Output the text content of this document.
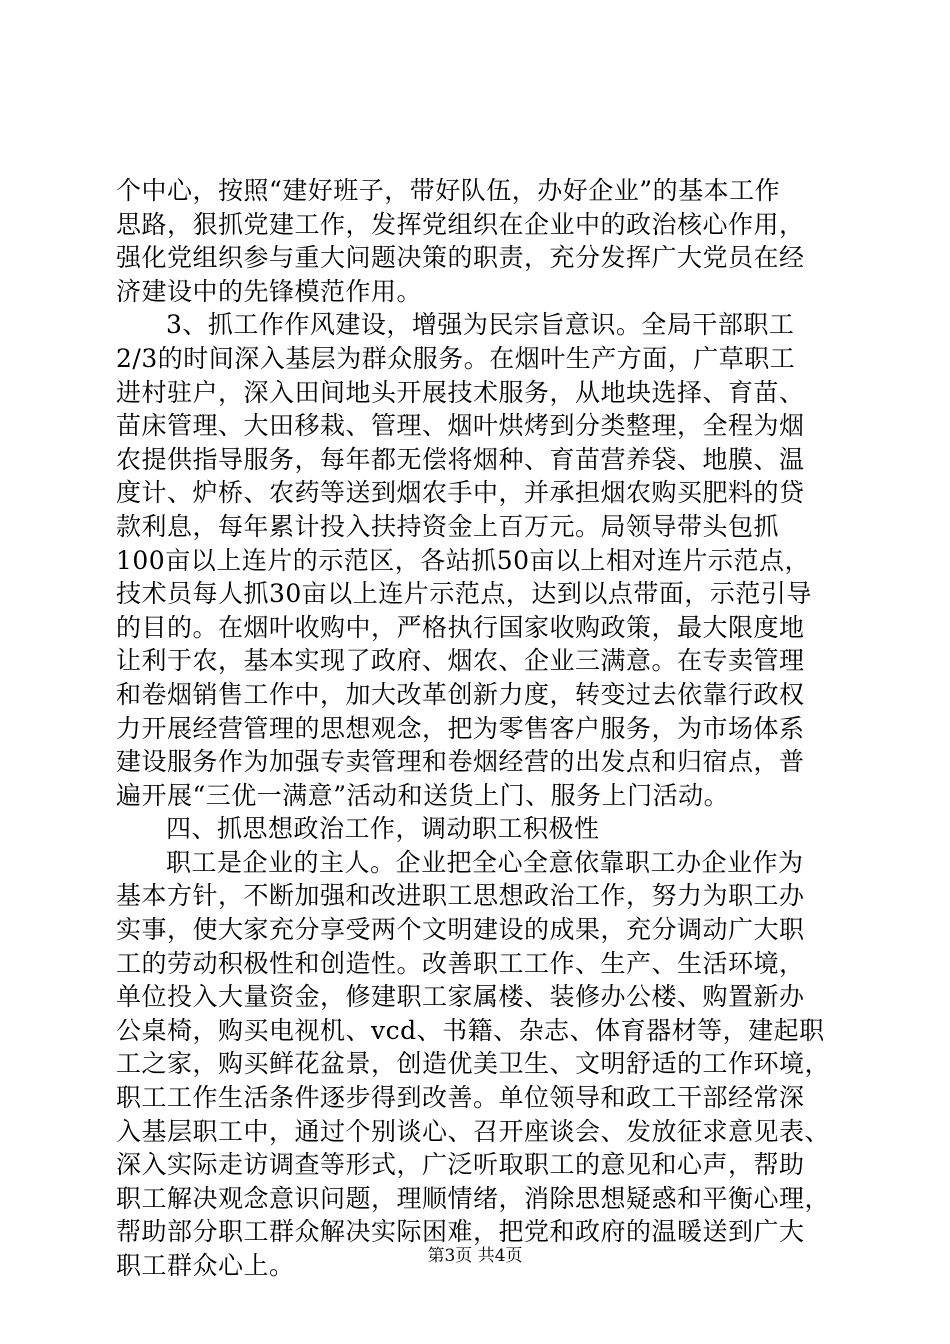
个中心，按照“建好班子，带好队伍，办好企业”的基本工作
思路，狠抓党建工作，发挥党组织在企业中的政治核心作用，
强化党组织参与重大问题决策的职责，充分发挥广大党员在经
济建设中的先锋模范作用。
3、抓工作作风建设，增强为民宗旨意识。全局干部职工
2/3的时间深入基层为群众服务。在烟叶生产方面，广草职工
进村驻户，深入田间地头开展技术服务，从地块选择、育苗、
苗床管理、大田移栽、管理、烟叶烘烤到分类整理，全程为烟
农提供指导服务，每年都无偿将烟种、育苗营养袋、地膜、温
度计、炉桥、农药等送到烟农手中，并承担烟农购买肥料的贷
款利息，每年累计投入扶持资金上百万元。局领导带头包抓
100亩以上连片的示范区，各站抓50亩以上相对连片示范点，
技术员每人抓30亩以上连片示范点，达到以点带面，示范引导
的目的。在烟叶收购中，严格执行国家收购政策，最大限度地
让利于农，基本实现了政府、烟农、企业三满意。在专卖管理
和卷烟销售工作中，加大改革创新力度，转变过去依靠行政权
力开展经营管理的思想观念，把为零售客户服务，为市场体系
建设服务作为加强专卖管理和卷烟经营的出发点和归宿点，普
遍开展“三优一满意”活动和送货上门、服务上门活动。
四、抓思想政治工作，调动职工积极性
职工是企业的主人。企业把全心全意依靠职工办企业作为
基本方针，不断加强和改进职工思想政治工作，努力为职工办
实事，使大家充分享受两个文明建设的成果，充分调动广大职
工的劳动积极性和创造性。改善职工工作、生产、生活环境，
单位投入大量资金，修建职工家属楼、装修办公楼、购置新办
公桌椅，购买电视机、vcd、书籍、杂志、体育器材等，建起职
工之家，购买鲜花盆景，创造优美卫生、文明舒适的工作环境，
职工工作生活条件逐步得到改善。单位领导和政工干部经常深
入基层职工中，通过个别谈心、召开座谈会、发放征求意见表、
深入实际走访调查等形式，广泛听取职工的意见和心声，帮助
职工解决观念意识问题，理顺情绪，消除思想疑惑和平衡心理，
帮助部分职工群众解决实际困难，把党和政府的温暖送到广大
职工群众心上。	第3页 共4页
